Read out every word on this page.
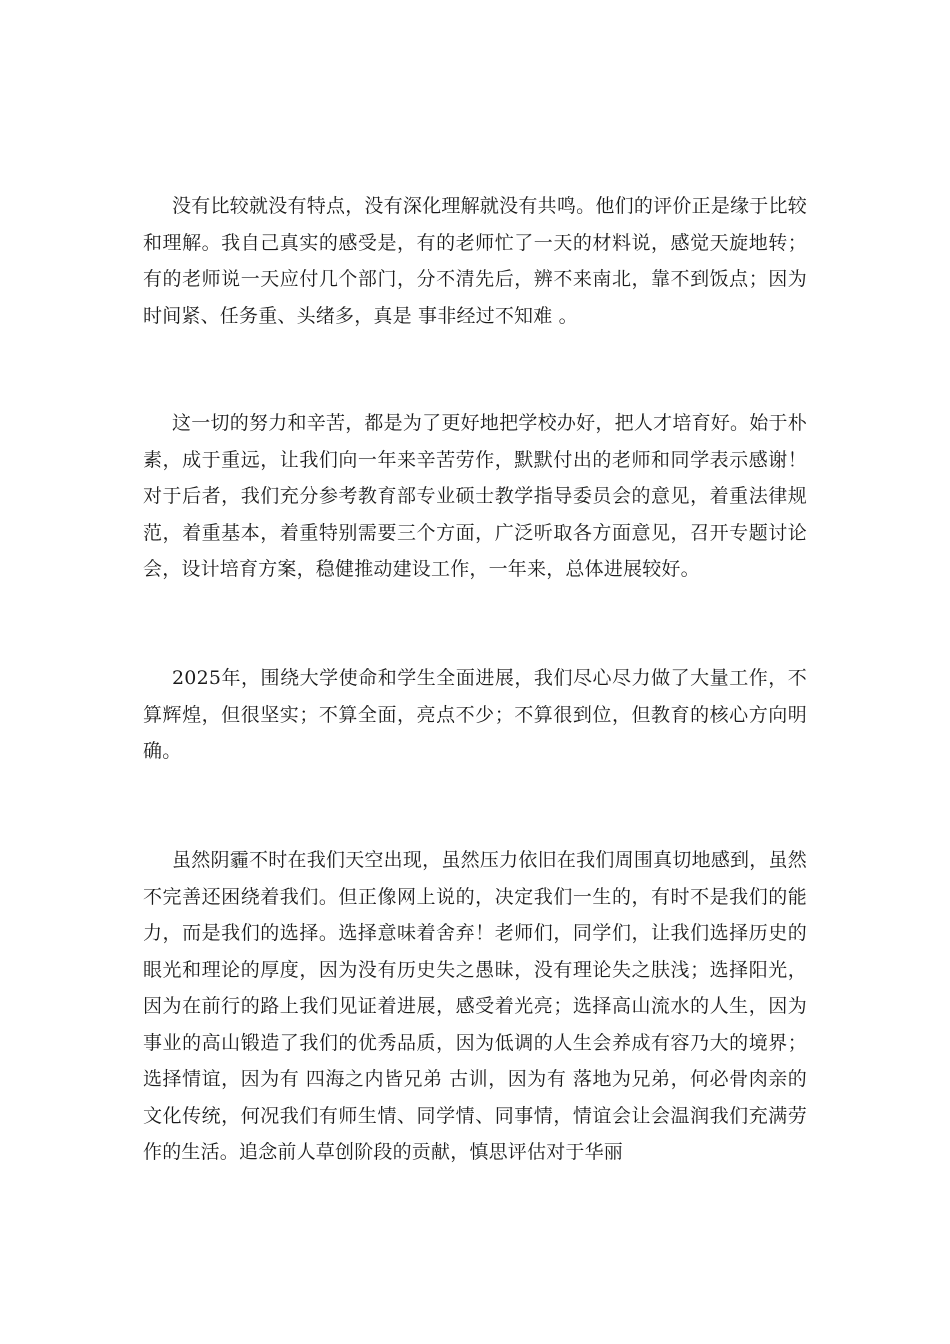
没有比较就没有特点，没有深化理解就没有共鸣。他们的评价正是缘于比较和理解。我自己真实的感受是，有的老师忙了一天的材料说，感觉天旋地转；有的老师说一天应付几个部门，分不清先后，辨不来南北，靠不到饭点；因为时间紧、任务重、头绪多，真是 事非经过不知难 。

这一切的努力和辛苦，都是为了更好地把学校办好，把人才培育好。始于朴素，成于重远，让我们向一年来辛苦劳作，默默付出的老师和同学表示感谢！对于后者，我们充分参考教育部专业硕士教学指导委员会的意见，着重法律规范，着重基本，着重特别需要三个方面，广泛听取各方面意见，召开专题讨论会，设计培育方案，稳健推动建设工作，一年来，总体进展较好。

2025年，围绕大学使命和学生全面进展，我们尽心尽力做了大量工作，不算辉煌，但很坚实；不算全面，亮点不少；不算很到位，但教育的核心方向明确。

虽然阴霾不时在我们天空出现，虽然压力依旧在我们周围真切地感到，虽然不完善还困绕着我们。但正像网上说的，决定我们一生的，有时不是我们的能力，而是我们的选择。选择意味着舍弃！老师们，同学们，让我们选择历史的眼光和理论的厚度，因为没有历史失之愚昧，没有理论失之肤浅；选择阳光，因为在前行的路上我们见证着进展，感受着光亮；选择高山流水的人生，因为事业的高山锻造了我们的优秀品质，因为低调的人生会养成有容乃大的境界；选择情谊，因为有 四海之内皆兄弟 古训，因为有 落地为兄弟，何必骨肉亲的文化传统，何况我们有师生情、同学情、同事情，情谊会让会温润我们充满劳作的生活。追念前人草创阶段的贡献，慎思评估对于华丽
